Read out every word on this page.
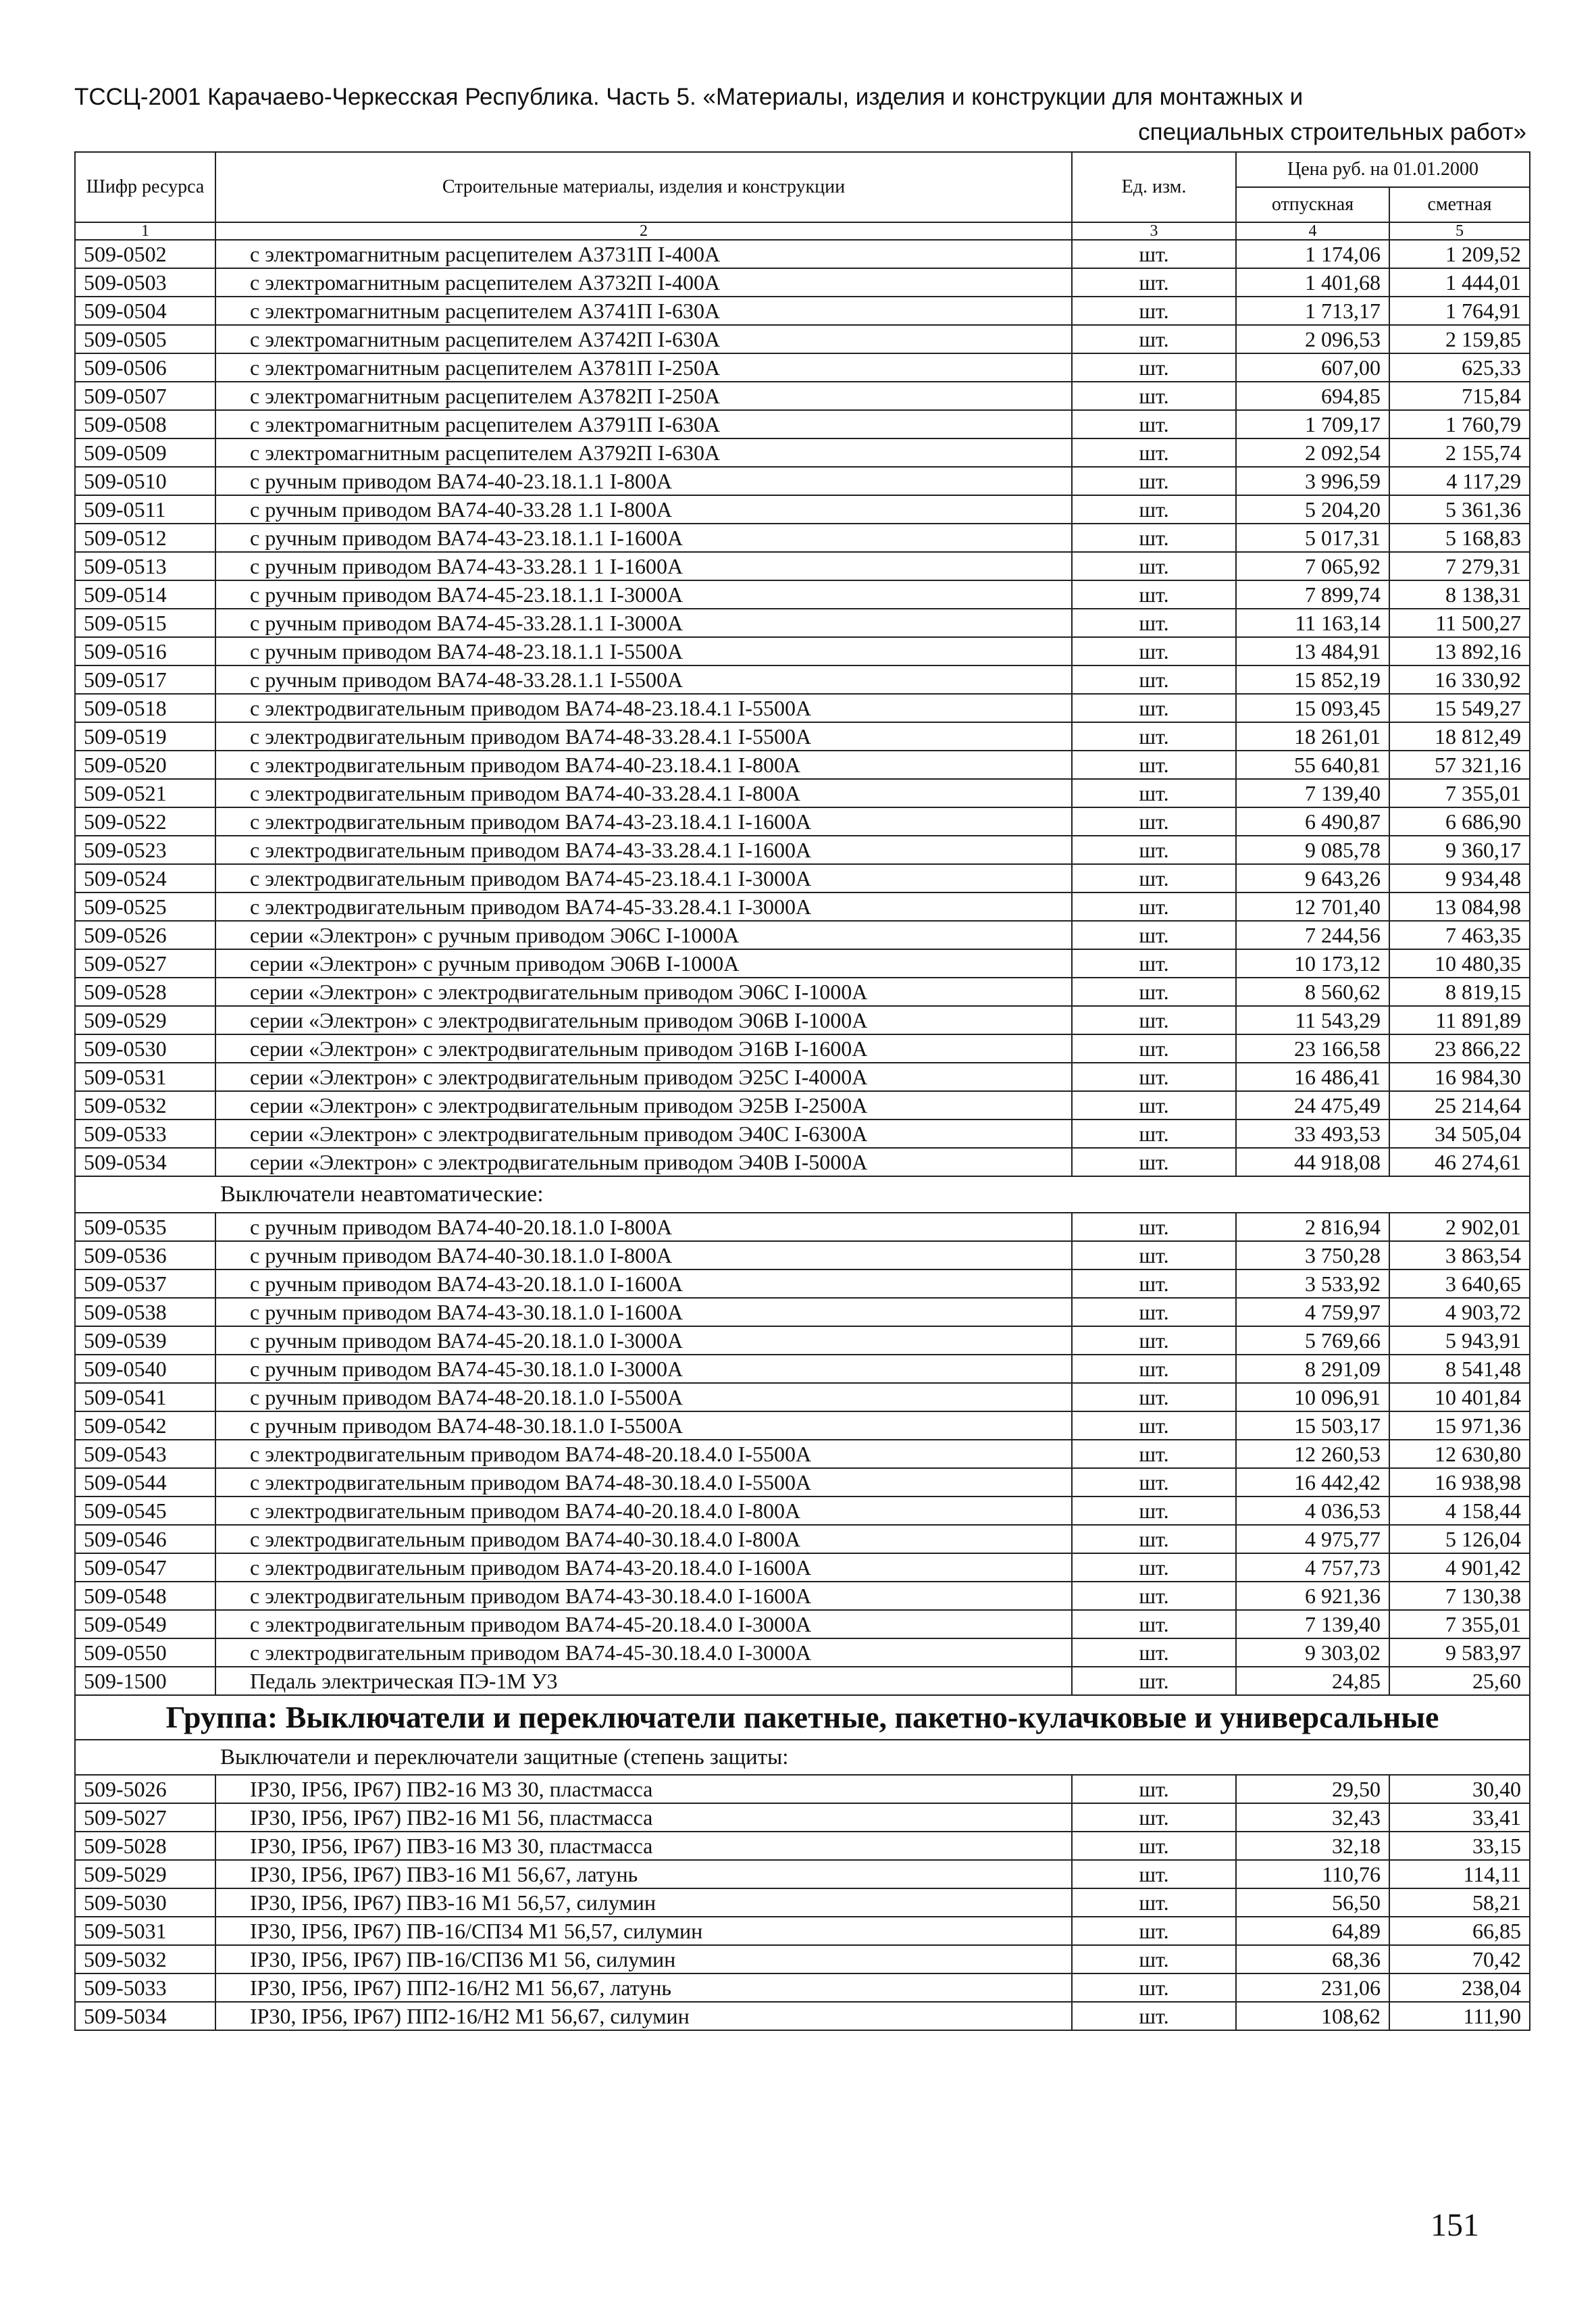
ТССЦ-2001 Карачаево-Черкесская Республика. Часть 5. «Материалы, изделия и конструкции для монтажных и
специальных строительных работ»
Шифр ресурса	Строительные материалы, изделия и конструкции	Ед. изм.	Цена руб. на 01.01.2000	
			отпускная	сметная
1	2	3	4	5
509-0502	с электромагнитным расцепителем А3731П I-400А	шт.	1 174,06	1 209,52
509-0503	с электромагнитным расцепителем А3732П I-400А	шт.	1 401,68	1 444,01
509-0504	с электромагнитным расцепителем А3741П I-630А	шт.	1 713,17	1 764,91
509-0505	с электромагнитным расцепителем А3742П I-630А	шт.	2 096,53	2 159,85
509-0506	с электромагнитным расцепителем А3781П I-250А	шт.	607,00	625,33
509-0507	с электромагнитным расцепителем А3782П I-250А	шт.	694,85	715,84
509-0508	с электромагнитным расцепителем А3791П I-630А	шт.	1 709,17	1 760,79
509-0509	с электромагнитным расцепителем А3792П I-630А	шт.	2 092,54	2 155,74
509-0510	с ручным приводом ВА74-40-23.18.1.1 I-800А	шт.	3 996,59	4 117,29
509-0511	с ручным приводом ВА74-40-33.28 1.1 I-800А	шт.	5 204,20	5 361,36
509-0512	с ручным приводом ВА74-43-23.18.1.1 I-1600А	шт.	5 017,31	5 168,83
509-0513	с ручным приводом ВА74-43-33.28.1 1 I-1600А	шт.	7 065,92	7 279,31
509-0514	с ручным приводом ВА74-45-23.18.1.1 I-3000А	шт.	7 899,74	8 138,31
509-0515	с ручным приводом ВА74-45-33.28.1.1 I-3000А	шт.	11 163,14	11 500,27
509-0516	с ручным приводом ВА74-48-23.18.1.1 I-5500А	шт.	13 484,91	13 892,16
509-0517	с ручным приводом ВА74-48-33.28.1.1 I-5500А	шт.	15 852,19	16 330,92
509-0518	с электродвигательным приводом ВА74-48-23.18.4.1 I-5500А	шт.	15 093,45	15 549,27
509-0519	с электродвигательным приводом ВА74-48-33.28.4.1 I-5500А	шт.	18 261,01	18 812,49
509-0520	с электродвигательным приводом ВА74-40-23.18.4.1 I-800А	шт.	55 640,81	57 321,16
509-0521	с электродвигательным приводом ВА74-40-33.28.4.1 I-800А	шт.	7 139,40	7 355,01
509-0522	с электродвигательным приводом ВА74-43-23.18.4.1 I-1600А	шт.	6 490,87	6 686,90
509-0523	с электродвигательным приводом ВА74-43-33.28.4.1 I-1600А	шт.	9 085,78	9 360,17
509-0524	с электродвигательным приводом ВА74-45-23.18.4.1 I-3000А	шт.	9 643,26	9 934,48
509-0525	с электродвигательным приводом ВА74-45-33.28.4.1 I-3000А	шт.	12 701,40	13 084,98
509-0526	серии «Электрон» с ручным приводом Э06С I-1000А	шт.	7 244,56	7 463,35
509-0527	серии «Электрон» с ручным приводом Э06В I-1000А	шт.	10 173,12	10 480,35
509-0528	серии «Электрон» с электродвигательным приводом Э06С I-1000А	шт.	8 560,62	8 819,15
509-0529	серии «Электрон» с электродвигательным приводом Э06В I-1000А	шт.	11 543,29	11 891,89
509-0530	серии «Электрон» с электродвигательным приводом Э16В I-1600А	шт.	23 166,58	23 866,22
509-0531	серии «Электрон» с электродвигательным приводом Э25С I-4000А	шт.	16 486,41	16 984,30
509-0532	серии «Электрон» с электродвигательным приводом Э25В I-2500А	шт.	24 475,49	25 214,64
509-0533	серии «Электрон» с электродвигательным приводом Э40С I-6300А	шт.	33 493,53	34 505,04
509-0534	серии «Электрон» с электродвигательным приводом Э40В I-5000А	шт.	44 918,08	46 274,61
Выключатели неавтоматические:				
509-0535	с ручным приводом ВА74-40-20.18.1.0 I-800А	шт.	2 816,94	2 902,01
509-0536	с ручным приводом ВА74-40-30.18.1.0 I-800А	шт.	3 750,28	3 863,54
509-0537	с ручным приводом ВА74-43-20.18.1.0 I-1600А	шт.	3 533,92	3 640,65
509-0538	с ручным приводом ВА74-43-30.18.1.0 I-1600А	шт.	4 759,97	4 903,72
509-0539	с ручным приводом ВА74-45-20.18.1.0 I-3000А	шт.	5 769,66	5 943,91
509-0540	с ручным приводом ВА74-45-30.18.1.0 I-3000А	шт.	8 291,09	8 541,48
509-0541	с ручным приводом ВА74-48-20.18.1.0 I-5500А	шт.	10 096,91	10 401,84
509-0542	с ручным приводом ВА74-48-30.18.1.0 I-5500А	шт.	15 503,17	15 971,36
509-0543	с электродвигательным приводом ВА74-48-20.18.4.0 I-5500А	шт.	12 260,53	12 630,80
509-0544	с электродвигательным приводом ВА74-48-30.18.4.0 I-5500А	шт.	16 442,42	16 938,98
509-0545	с электродвигательным приводом ВА74-40-20.18.4.0 I-800А	шт.	4 036,53	4 158,44
509-0546	с электродвигательным приводом ВА74-40-30.18.4.0 I-800А	шт.	4 975,77	5 126,04
509-0547	с электродвигательным приводом ВА74-43-20.18.4.0 I-1600А	шт.	4 757,73	4 901,42
509-0548	с электродвигательным приводом ВА74-43-30.18.4.0 I-1600А	шт.	6 921,36	7 130,38
509-0549	с электродвигательным приводом ВА74-45-20.18.4.0 I-3000А	шт.	7 139,40	7 355,01
509-0550	с электродвигательным приводом ВА74-45-30.18.4.0 I-3000А	шт.	9 303,02	9 583,97
509-1500	Педаль электрическая ПЭ-1М У3	шт.	24,85	25,60
Группа: Выключатели и переключатели пакетные, пакетно-кулачковые и универсальные				
Выключатели и переключатели защитные (степень защиты:				
509-5026	IP30, IP56, IP67) ПВ2-16 М3 30, пластмасса	шт.	29,50	30,40
509-5027	IP30, IP56, IP67) ПВ2-16 М1 56, пластмасса	шт.	32,43	33,41
509-5028	IP30, IP56, IP67) ПВ3-16 М3 30, пластмасса	шт.	32,18	33,15
509-5029	IP30, IP56, IP67) ПВ3-16 М1 56,67, латунь	шт.	110,76	114,11
509-5030	IP30, IP56, IP67) ПВ3-16 М1 56,57, силумин	шт.	56,50	58,21
509-5031	IP30, IP56, IP67) ПВ-16/СП34 М1 56,57, силумин	шт.	64,89	66,85
509-5032	IP30, IP56, IP67) ПВ-16/СП36 М1 56, силумин	шт.	68,36	70,42
509-5033	IP30, IP56, IP67) ПП2-16/Н2 М1 56,67, латунь	шт.	231,06	238,04
509-5034	IP30, IP56, IP67) ПП2-16/Н2 М1 56,67, силумин	шт.	108,62	111,90
151
